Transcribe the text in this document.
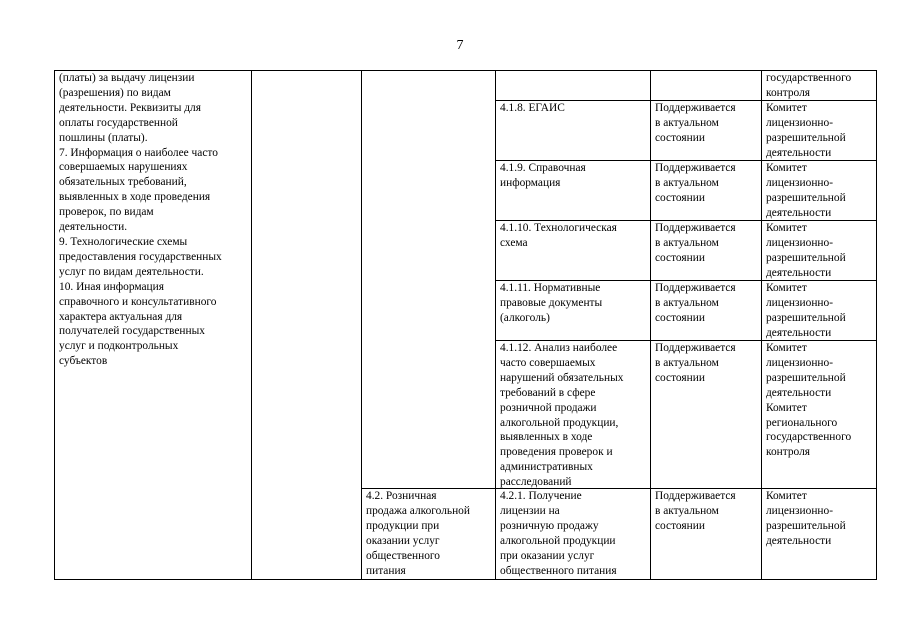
7
(платы) за выдачу лицензии
(разрешения) по видам
деятельности. Реквизиты для
оплаты государственной
пошлины (платы).
7. Информация о наиболее часто
совершаемых нарушениях
обязательных требований,
выявленных в ходе проведения
проверок, по видам
деятельности.
9. Технологические схемы
предоставления государственных
услуг по видам деятельности.
10. Иная информация
справочного и консультативного
характера актуальная для
получателей государственных
услуг и подконтрольных
субъектов
государственного
контроля
4.1.8. ЕГАИС	Поддерживается
в актуальном
состоянии
Комитет
лицензионно-
разрешительной
деятельности
4.1.9. Справочная
информация
Поддерживается
в актуальном
состоянии
Комитет
лицензионно-
разрешительной
деятельности
4.1.10. Технологическая
схема
Поддерживается
в актуальном
состоянии
Комитет
лицензионно-
разрешительной
деятельности
4.1.11. Нормативные
правовые документы
(алкоголь)
Поддерживается
в актуальном
состоянии
Комитет
лицензионно-
разрешительной
деятельности
4.1.12. Анализ наиболее
часто совершаемых
нарушений обязательных
требований в сфере
розничной продажи
алкогольной продукции,
выявленных в ходе
проведения проверок и
административных
расследований
Поддерживается
в актуальном
состоянии
Комитет
лицензионно-
разрешительной
деятельности
Комитет
регионального
государственного
контроля
4.2. Розничная
продажа алкогольной
продукции при
оказании услуг
общественного
питания
4.2.1. Получение
лицензии на
розничную продажу
алкогольной продукции
при оказании услуг
общественного питания
Поддерживается
в актуальном
состоянии
Комитет
лицензионно-
разрешительной
деятельности
